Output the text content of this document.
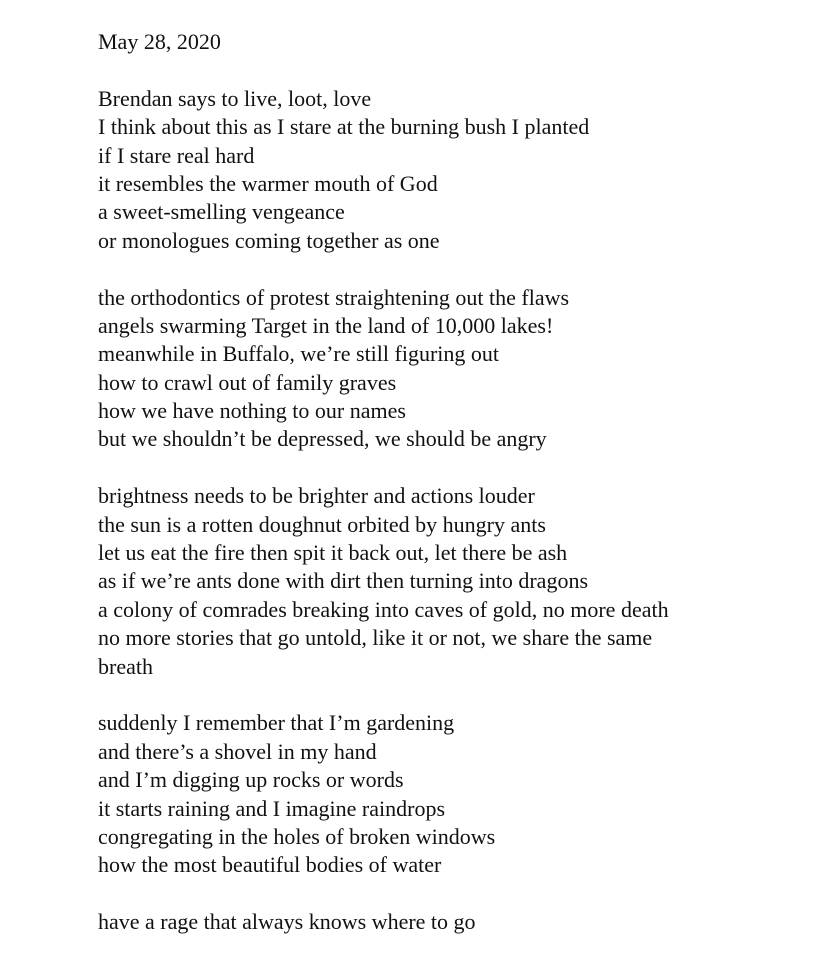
May 28, 2020
Brendan says to live, loot, love
I think about this as I stare at the burning bush I planted
if I stare real hard
it resembles the warmer mouth of God
a sweet-smelling vengeance
or monologues coming together as one
the orthodontics of protest straightening out the flaws
angels swarming Target in the land of 10,000 lakes!
meanwhile in Buffalo, we’re still figuring out
how to crawl out of family graves
how we have nothing to our names
but we shouldn’t be depressed, we should be angry
brightness needs to be brighter and actions louder
the sun is a rotten doughnut orbited by hungry ants
let us eat the fire then spit it back out, let there be ash
as if we’re ants done with dirt then turning into dragons
a colony of comrades breaking into caves of gold, no more death
no more stories that go untold, like it or not, we share the same
breath
suddenly I remember that I’m gardening
and there’s a shovel in my hand
and I’m digging up rocks or words
it starts raining and I imagine raindrops
congregating in the holes of broken windows
how the most beautiful bodies of water
have a rage that always knows where to go
